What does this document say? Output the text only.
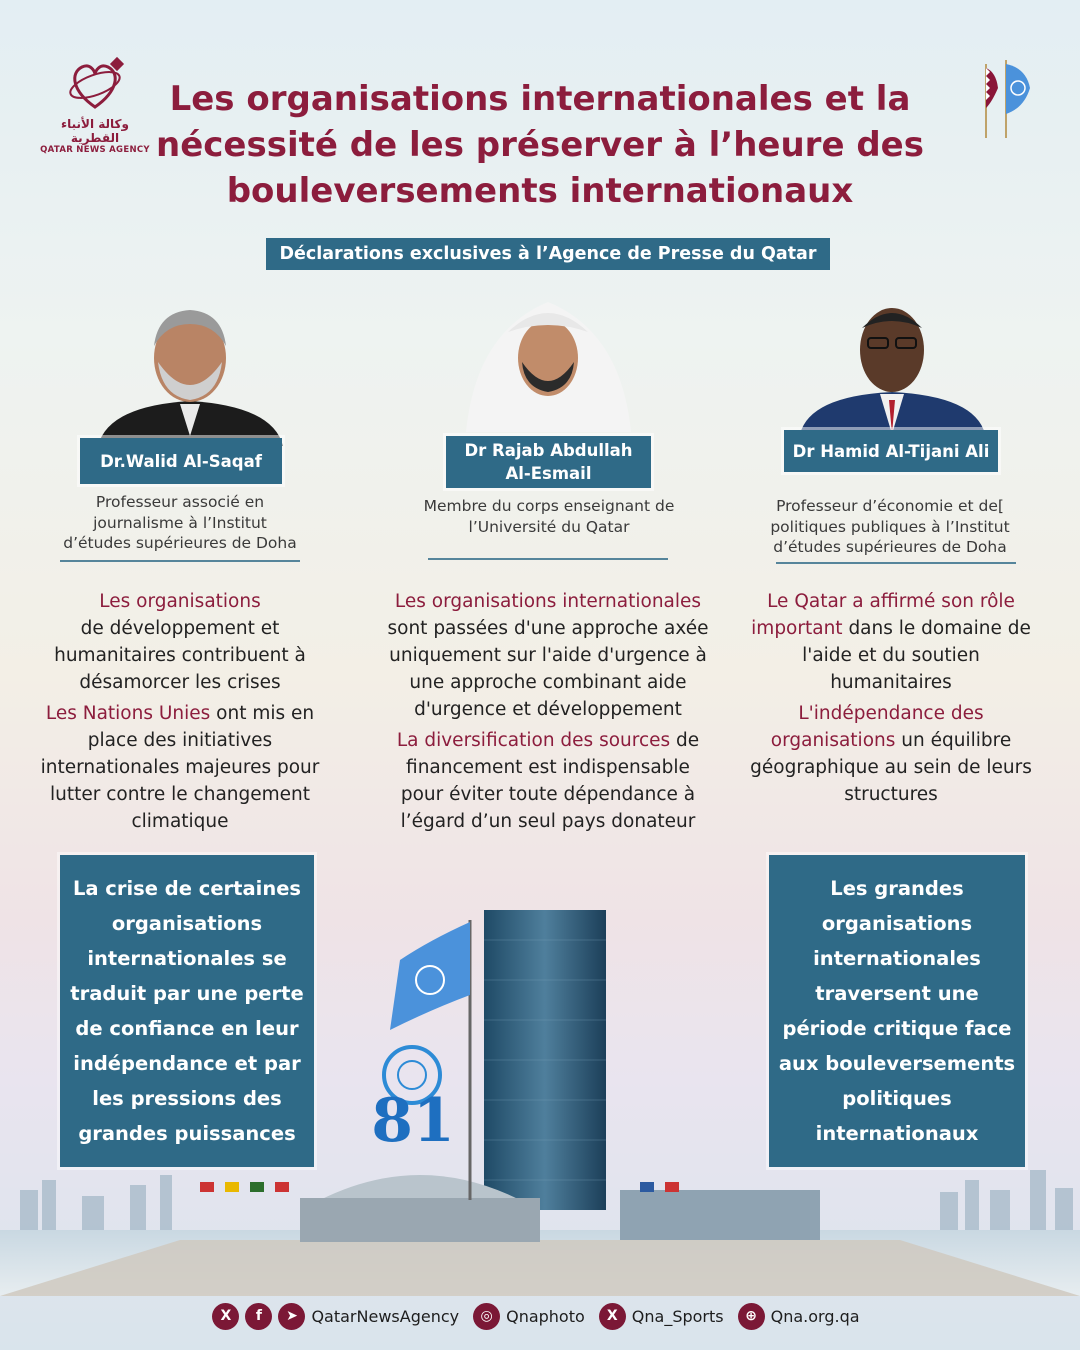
81
وكالة الأنباء القطرية
QATAR NEWS AGENCY
Les organisations internationales et la
nécessité de les préserver à l’heure des
bouleversements internationaux
Déclarations exclusives à l’Agence de Presse du Qatar
Dr.Walid Al-Saqaf
Professeur associé en
journalisme à l’Institut
d’études supérieures de Doha
Dr Rajab Abdullah
Al-Esmail
Membre du corps enseignant de
l’Université du Qatar
Dr Hamid Al-Tijani Ali
Professeur d’économie et de[
politiques publiques à l’Institut
d’études supérieures de Doha

Les organisations
de développement et humanitaires contribuent à désamorcer les crises

Les Nations Unies ont mis en place des initiatives internationales majeures pour lutter contre le changement climatique

Les organisations internationales
sont passées d'une approche axée uniquement sur l'aide d'urgence à une approche combinant aide d'urgence et développement

La diversification des sources de financement est indispensable pour éviter toute dépendance à l’égard d’un seul pays donateur

Le Qatar a affirmé son rôle important dans le domaine de l'aide et du soutien humanitaires

L'indépendance des organisations un équilibre géographique au sein de leurs structures

La crise de certaines organisations internationales se traduit par une perte de confiance en leur indépendance et par les pressions des grandes puissances
Les grandes organisations internationales traversent une période critique face aux bouleversements politiques internationaux
X	f	➤ QatarNewsAgency	◎ Qnaphoto	X Qna_Sports	⊕ Qna.org.qa
